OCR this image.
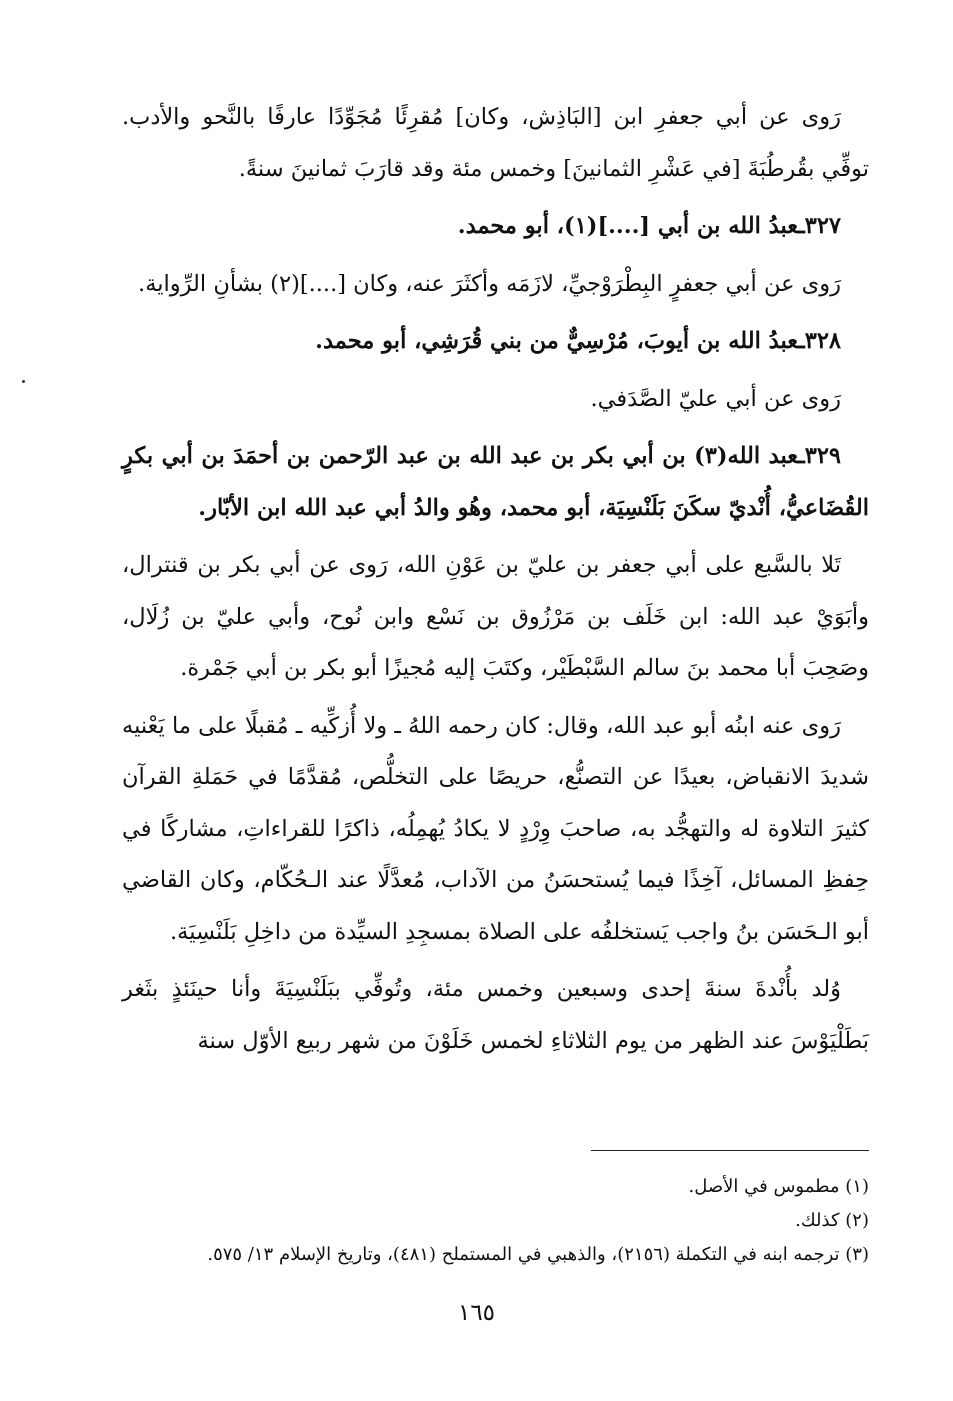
رَوى عن أبي جعفرِ ابن [البَاذِش، وكان] مُقرِئًا مُجَوِّدًا عارفًا بالنَّحو والأدب. توفِّي بقُرطُبَةَ [في عَشْرِ الثمانينَ] وخمس مئة وقد قارَبَ ثمانينَ سنةً.

٣٢٧ـعبدُ الله بن أبي [....](١)، أبو محمد.

رَوى عن أبي جعفرٍ البِطْرَوْجيِّ، لازَمَه وأكثَرَ عنه، وكان [....](٢) بشأنِ الرِّواية.

٣٢٨ـعبدُ الله بن أيوبَ، مُرْسِيٌّ من بني قُرَشِي، أبو محمد.

رَوى عن أبي عليّ الصَّدَفي.

٣٢٩ـعبد الله(٣) بن أبي بكر بن عبد الله بن عبد الرّحمن بن أحمَدَ بن أبي بكرٍ القُضَاعيُّ، أُنْديّ سكَنَ بَلَنْسِيَة، أبو محمد، وهُو والدُ أبي عبد الله ابن الأبّار.

تَلا بالسَّبع على أبي جعفر بن عليّ بن عَوْنِ الله، رَوى عن أبي بكر بن قنترال، وأبَوَيْ عبد الله: ابن خَلَف بن مَرْزُوق بن نَسْع وابن نُوح، وأبي عليّ بن زُلَال، وصَحِبَ أبا محمد بنَ سالم السَّبْطَيْر، وكتَبَ إليه مُجيزًا أبو بكر بن أبي جَمْرة.

رَوى عنه ابنُه أبو عبد الله، وقال: كان رحمه اللهُ ـ ولا أُزكِّيه ـ مُقبلًا على ما يَعْنيه شديدَ الانقباض، بعيدًا عن التصنُّع، حريصًا على التخلُّص، مُقدَّمًا في حَمَلةِ القرآن كثيرَ التلاوة له والتهجُّد به، صاحبَ وِرْدٍ لا يكادُ يُهمِلُه، ذاكرًا للقراءاتِ، مشاركًا في حِفظِ المسائل، آخِذًا فيما يُستحسَنُ من الآداب، مُعدَّلًا عند الـحُكّام، وكان القاضي أبو الـحَسَن بنُ واجب يَستخلفُه على الصلاة بمسجِدِ السيِّدة من داخِلِ بَلَنْسِيَة.

وُلد بأُنْدةَ سنةَ إحدى وسبعين وخمس مئة، وتُوفِّي ببَلَنْسِيَةَ وأنا حينَئذٍ بثَغر بَطَلْيَوْسَ عند الظهر من يوم الثلاثاءِ لخمس خَلَوْنَ من شهر ربيع الأوّل سنة

(١) مطموس في الأصل.

(٢) كذلك.

(٣) ترجمه ابنه في التكملة (٢١٥٦)، والذهبي في المستملح (٤٨١)، وتاريخ الإسلام ١٣/ ٥٧٥.

١٦٥
